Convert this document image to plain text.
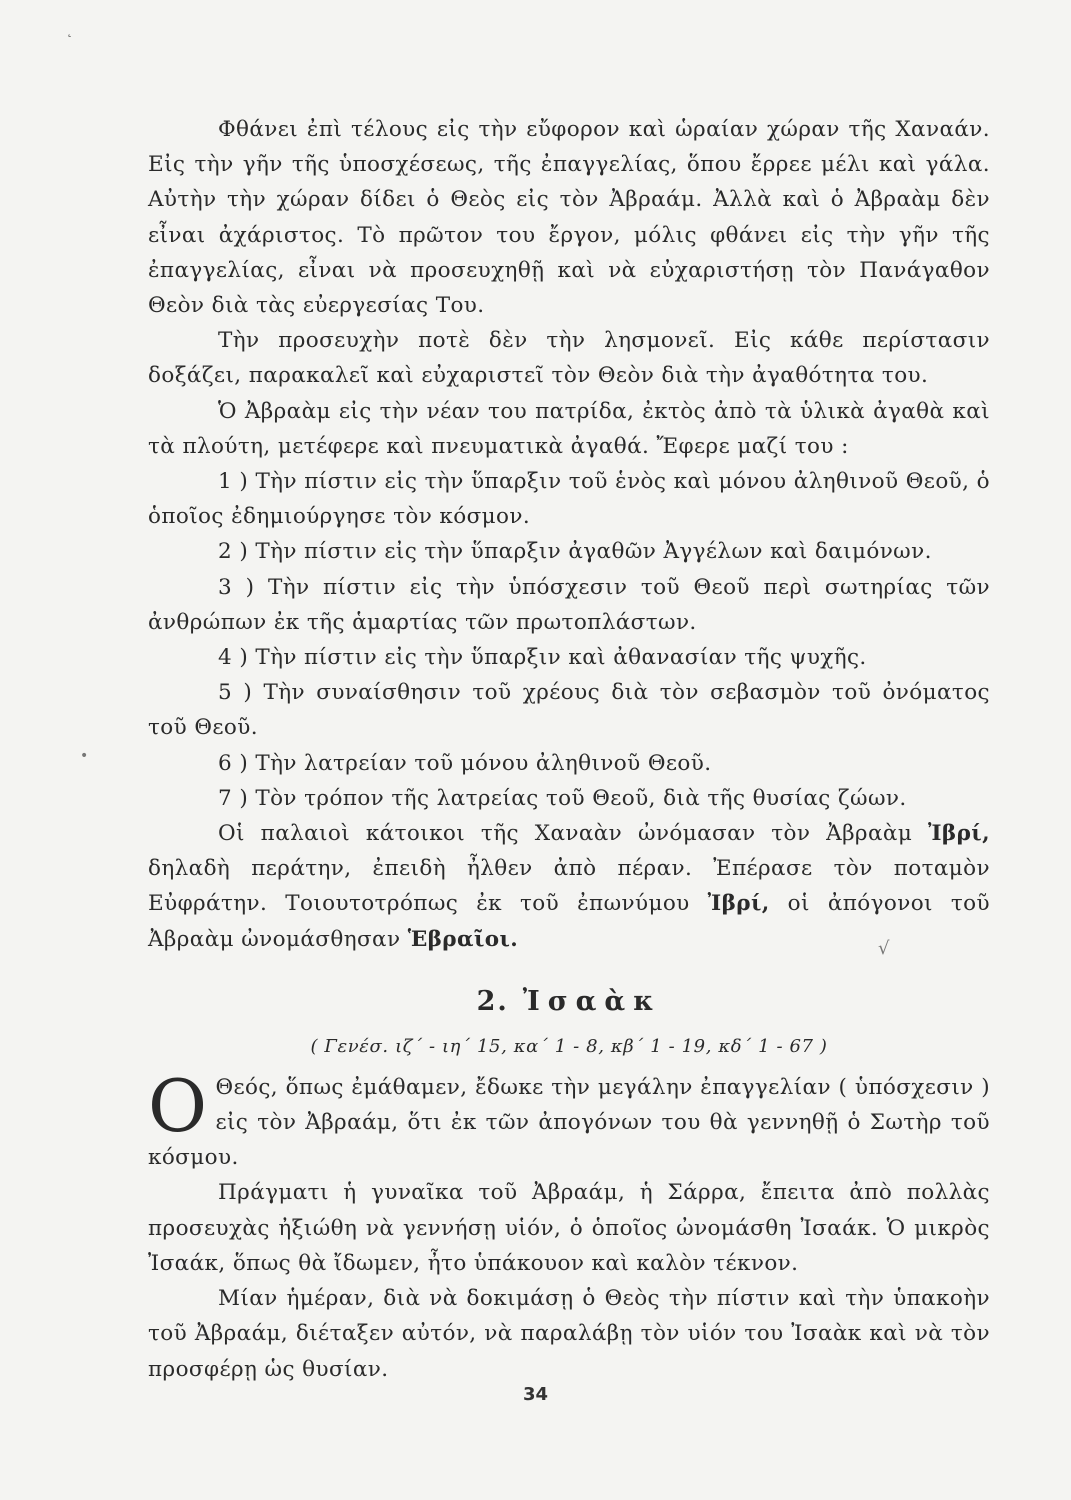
Φθάνει ἐπὶ τέλους εἰς τὴν εὔφορον καὶ ὡραίαν χώραν τῆς Χαναάν. Εἰς τὴν γῆν τῆς ὑποσχέσεως, τῆς ἐπαγγελίας, ὅπου ἔρρεε μέλι καὶ γάλα. Αὐτὴν τὴν χώραν δίδει ὁ Θεὸς εἰς τὸν Ἀβραάμ. Ἀλλὰ καὶ ὁ Ἀβραὰμ δὲν εἶναι ἀχάριστος. Τὸ πρῶτον του ἔργον, μόλις φθάνει εἰς τὴν γῆν τῆς ἐπαγγελίας, εἶναι νὰ προσευχηθῇ καὶ νὰ εὐχαριστήσῃ τὸν Πανάγαθον Θεὸν διὰ τὰς εὐεργεσίας Του.

Τὴν προσευχὴν ποτὲ δὲν τὴν λησμονεῖ. Εἰς κάθε περίστασιν δοξάζει, παρακαλεῖ καὶ εὐχαριστεῖ τὸν Θεὸν διὰ τὴν ἀγαθότητα του.

Ὁ Ἀβραὰμ εἰς τὴν νέαν του πατρίδα, ἐκτὸς ἀπὸ τὰ ὑλικὰ ἀγαθὰ καὶ τὰ πλούτη, μετέφερε καὶ πνευματικὰ ἀγαθά. Ἔφερε μαζί του :

1 ) Τὴν πίστιν εἰς τὴν ὕπαρξιν τοῦ ἑνὸς καὶ μόνου ἀληθινοῦ Θεοῦ, ὁ ὁποῖος ἐδημιούργησε τὸν κόσμον.

2 ) Τὴν πίστιν εἰς τὴν ὕπαρξιν ἀγαθῶν Ἀγγέλων καὶ δαιμόνων.

3 ) Τὴν πίστιν εἰς τὴν ὑπόσχεσιν τοῦ Θεοῦ περὶ σωτηρίας τῶν ἀνθρώπων ἐκ τῆς ἁμαρτίας τῶν πρωτοπλάστων.

4 ) Τὴν πίστιν εἰς τὴν ὕπαρξιν καὶ ἀθανασίαν τῆς ψυχῆς.

5 ) Τὴν συναίσθησιν τοῦ χρέους διὰ τὸν σεβασμὸν τοῦ ὀνόματος τοῦ Θεοῦ.

6 ) Τὴν λατρείαν τοῦ μόνου ἀληθινοῦ Θεοῦ.

7 ) Τὸν τρόπον τῆς λατρείας τοῦ Θεοῦ, διὰ τῆς θυσίας ζώων.

Οἱ παλαιοὶ κάτοικοι τῆς Χαναὰν ὠνόμασαν τὸν Ἀβραὰμ Ἰβρί, δηλαδὴ περάτην, ἐπειδὴ ἦλθεν ἀπὸ πέραν. Ἐπέρασε τὸν ποταμὸν Εὐφράτην. Τοιουτοτρόπως ἐκ τοῦ ἐπωνύμου Ἰβρί, οἱ ἀπόγονοι τοῦ Ἀβραὰμ ὠνομάσθησαν Ἑβραῖοι.

2. Ἰσαὰκ
( Γενέσ. ιζ΄ - ιη΄ 15, κα΄ 1 - 8, κβ΄ 1 - 19, κδ΄ 1 - 67 )
Ο Θεός, ὅπως ἐμάθαμεν, ἔδωκε τὴν μεγάλην ἐπαγγελίαν ( ὑπόσχεσιν ) εἰς τὸν Ἀβραάμ, ὅτι ἐκ τῶν ἀπογόνων του θὰ γεννηθῇ ὁ Σωτὴρ τοῦ κόσμου.

Πράγματι ἡ γυναῖκα τοῦ Ἀβραάμ, ἡ Σάρρα, ἔπειτα ἀπὸ πολλὰς προσευχὰς ἠξιώθη νὰ γεννήσῃ υἱόν, ὁ ὁποῖος ὠνομάσθη Ἰσαάκ. Ὁ μικρὸς Ἰσαάκ, ὅπως θὰ ἴδωμεν, ἦτο ὑπάκουον καὶ καλὸν τέκνον.

Μίαν ἡμέραν, διὰ νὰ δοκιμάσῃ ὁ Θεὸς τὴν πίστιν καὶ τὴν ὑπακοὴν τοῦ Ἀβραάμ, διέταξεν αὐτόν, νὰ παραλάβῃ τὸν υἱόν του Ἰσαὰκ καὶ νὰ τὸν προσφέρῃ ὡς θυσίαν.

34
˛
•
√
